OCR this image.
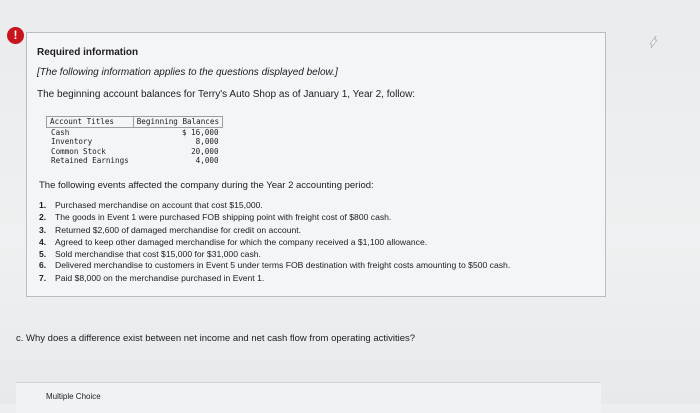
!
Required information
[The following information applies to the questions displayed below.]
The beginning account balances for Terry's Auto Shop as of January 1, Year 2, follow:
Account Titles	Beginning Balances
Cash	$ 16,000
Inventory	8,000
Common Stock	20,000
Retained Earnings	4,000
The following events affected the company during the Year 2 accounting period:
1. Purchased merchandise on account that cost $15,000.
2. The goods in Event 1 were purchased FOB shipping point with freight cost of $800 cash.
3. Returned $2,600 of damaged merchandise for credit on account.
4. Agreed to keep other damaged merchandise for which the company received a $1,100 allowance.
5. Sold merchandise that cost $15,000 for $31,000 cash.
6. Delivered merchandise to customers in Event 5 under terms FOB destination with freight costs amounting to $500 cash.
7. Paid $8,000 on the merchandise purchased in Event 1.
c. Why does a difference exist between net income and net cash flow from operating activities?
Multiple Choice
